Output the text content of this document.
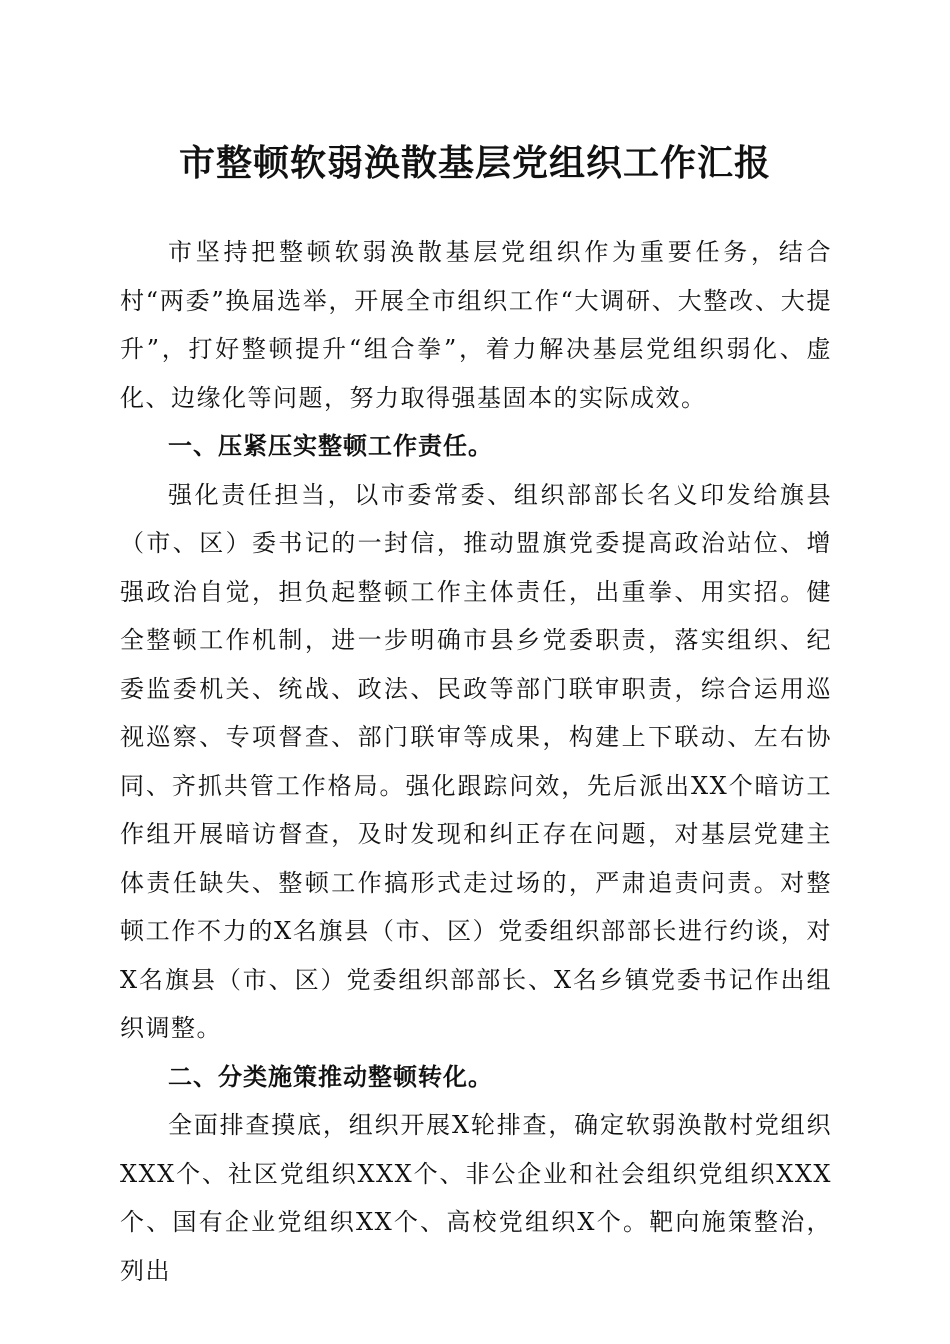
市整顿软弱涣散基层党组织工作汇报

市坚持把整顿软弱涣散基层党组织作为重要任务，结合村“两委”换届选举，开展全市组织工作“大调研、大整改、大提升”，打好整顿提升“组合拳”，着力解决基层党组织弱化、虚化、边缘化等问题，努力取得强基固本的实际成效。

一、压紧压实整顿工作责任。

强化责任担当，以市委常委、组织部部长名义印发给旗县（市、区）委书记的一封信，推动盟旗党委提高政治站位、增强政治自觉，担负起整顿工作主体责任，出重拳、用实招。健全整顿工作机制，进一步明确市县乡党委职责，落实组织、纪委监委机关、统战、政法、民政等部门联审职责，综合运用巡视巡察、专项督查、部门联审等成果，构建上下联动、左右协同、齐抓共管工作格局。强化跟踪问效，先后派出XX个暗访工作组开展暗访督查，及时发现和纠正存在问题，对基层党建主体责任缺失、整顿工作搞形式走过场的，严肃追责问责。对整顿工作不力的X名旗县（市、区）党委组织部部长进行约谈，对X名旗县（市、区）党委组织部部长、X名乡镇党委书记作出组织调整。

二、分类施策推动整顿转化。

全面排查摸底，组织开展X轮排查，确定软弱涣散村党组织XXX个、社区党组织XXX个、非公企业和社会组织党组织XXX个、国有企业党组织XX个、高校党组织X个。靶向施策整治，列出
